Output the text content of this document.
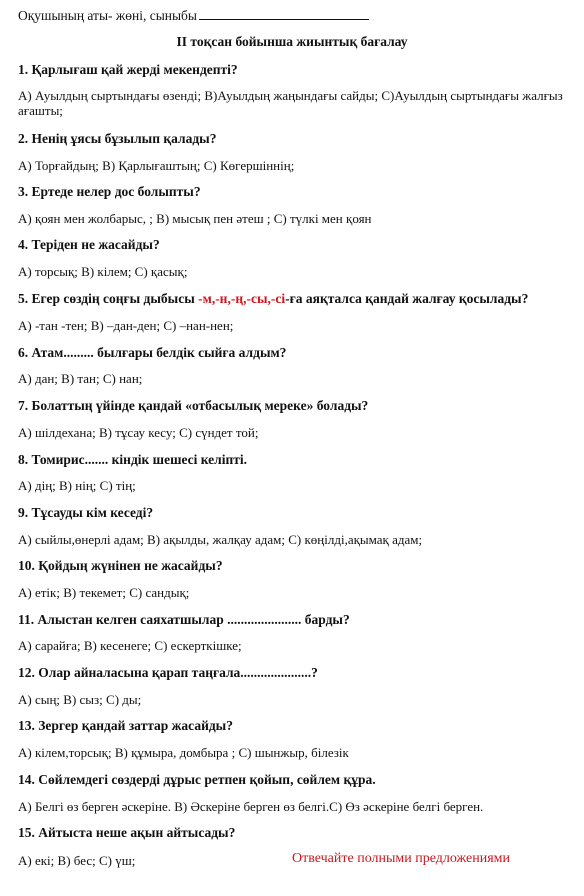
Оқушының аты- жөні, сыныбы
II тоқсан бойынша жиынтық бағалау
1. Қарлығаш қай жерді мекендепті?
А) Ауылдың сыртындағы өзенді; В)Ауылдың жаңындағы сайды; С)Ауылдың сыртындағы жалғыз ағашты;
2. Ненің ұясы бұзылып қалады?
А) Торғайдың; В) Қарлығаштың; С) Көгершіннің;
3. Ертеде нелер дос болыпты?
А) қоян мен жолбарыс, ; В) мысық пен әтеш ; С) түлкі мен қоян
4. Теріден не жасайды?
А) торсық; В) кілем; С) қасық;
5. Егер сөздің соңғы дыбысы -м,-н,-ң,-сы,-сі-ға аяқталса қандай жалғау қосылады?
А) -тан -тен; В) –дан-ден; С) –нан-нен;
6. Атам......... былғары белдік сыйға алдым?
А) дан; В) тан; С) нан;
7. Болаттың үйінде қандай «отбасылық мереке» болады?
А) шілдехана; В) тұсау кесу; С) сүндет той;
8. Томирис....... кіндік шешесі келіпті.
А) дің; В) нің; С) тің;
9. Тұсауды кім кеседі?
А) сыйлы,өнерлі адам; В) ақылды, жалқау адам; С) көңілді,ақымақ адам;
10. Қойдың жүнінен не жасайды?
А) етік; В) текемет; С) сандық;
11. Алыстан келген саяхатшылар ...................... барды?
А) сарайға; В) кесенеге; С) ескерткішке;
12. Олар айналасына қарап таңғала.....................?
А) сың; В) сыз; С) ды;
13. Зергер қандай заттар жасайды?
А) кілем,торсық; В) құмыра, домбыра ; С) шынжыр, білезік
14. Сөйлемдегі сөздерді дұрыс ретпен қойып, сөйлем құра.
А) Белгі өз берген әскеріне. В) Әскеріне берген өз белгі.С) Өз әскеріне белгі берген.
15. Айтыста неше ақын айтысады?
А) екі; В) бес; С) үш;	Отвечайте полными предложениями
